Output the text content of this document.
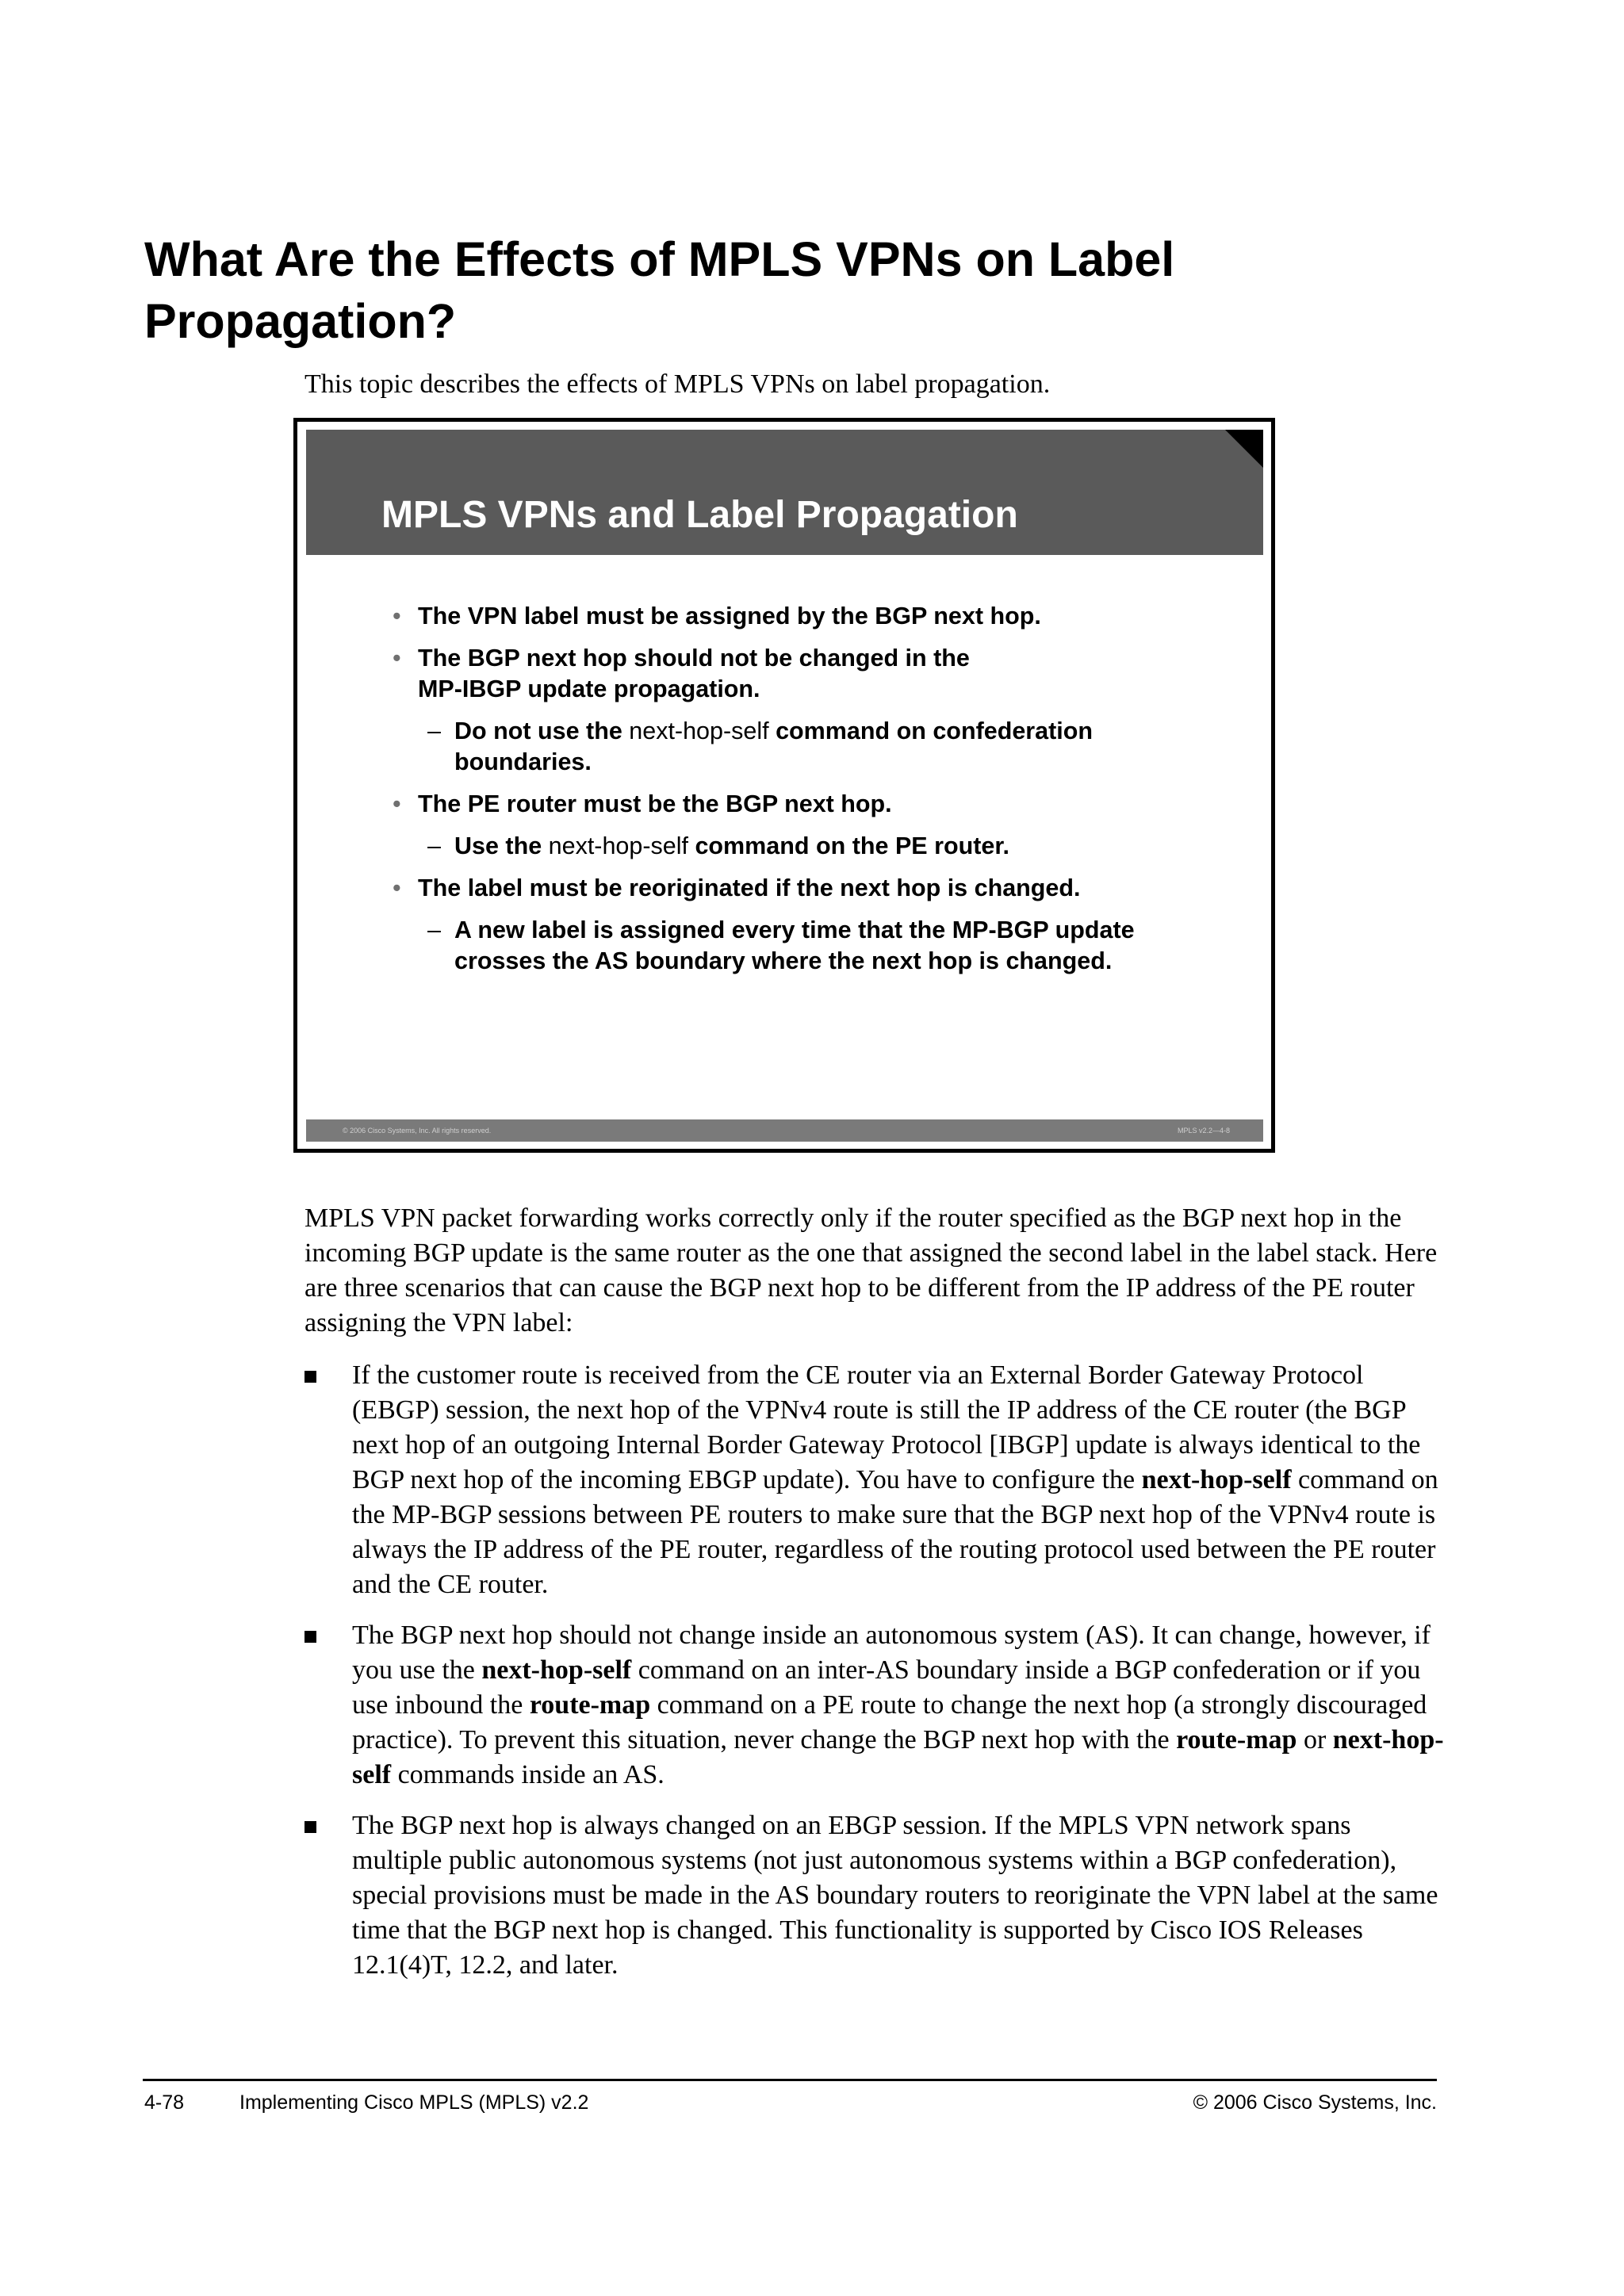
What Are the Effects of MPLS VPNs on Label Propagation?
This topic describes the effects of MPLS VPNs on label propagation.
MPLS VPNs and Label Propagation
• The VPN label must be assigned by the BGP next hop.
• The BGP next hop should not be changed in the MP-IBGP update propagation.
– Do not use the next-hop-self command on confederation boundaries.
• The PE router must be the BGP next hop.
– Use the next-hop-self command on the PE router.
• The label must be reoriginated if the next hop is changed.
– A new label is assigned every time that the MP-BGP update crosses the AS boundary where the next hop is changed.
© 2006 Cisco Systems, Inc. All rights reserved.	MPLS v2.2—4-8
MPLS VPN packet forwarding works correctly only if the router specified as the BGP next hop in the incoming BGP update is the same router as the one that assigned the second label in the label stack. Here are three scenarios that can cause the BGP next hop to be different from the IP address of the PE router assigning the VPN label:
If the customer route is received from the CE router via an External Border Gateway Protocol (EBGP) session, the next hop of the VPNv4 route is still the IP address of the CE router (the BGP next hop of an outgoing Internal Border Gateway Protocol [IBGP] update is always identical to the BGP next hop of the incoming EBGP update). You have to configure the next-hop-self command on the MP-BGP sessions between PE routers to make sure that the BGP next hop of the VPNv4 route is always the IP address of the PE router, regardless of the routing protocol used between the PE router and the CE router.
The BGP next hop should not change inside an autonomous system (AS). It can change, however, if you use the next-hop-self command on an inter-AS boundary inside a BGP confederation or if you use inbound the route-map command on a PE route to change the next hop (a strongly discouraged practice). To prevent this situation, never change the BGP next hop with the route-map or next-hop-self commands inside an AS.
The BGP next hop is always changed on an EBGP session. If the MPLS VPN network spans multiple public autonomous systems (not just autonomous systems within a BGP confederation), special provisions must be made in the AS boundary routers to reoriginate the VPN label at the same time that the BGP next hop is changed. This functionality is supported by Cisco IOS Releases 12.1(4)T, 12.2, and later.
4-78	Implementing Cisco MPLS (MPLS) v2.2	© 2006 Cisco Systems, Inc.
